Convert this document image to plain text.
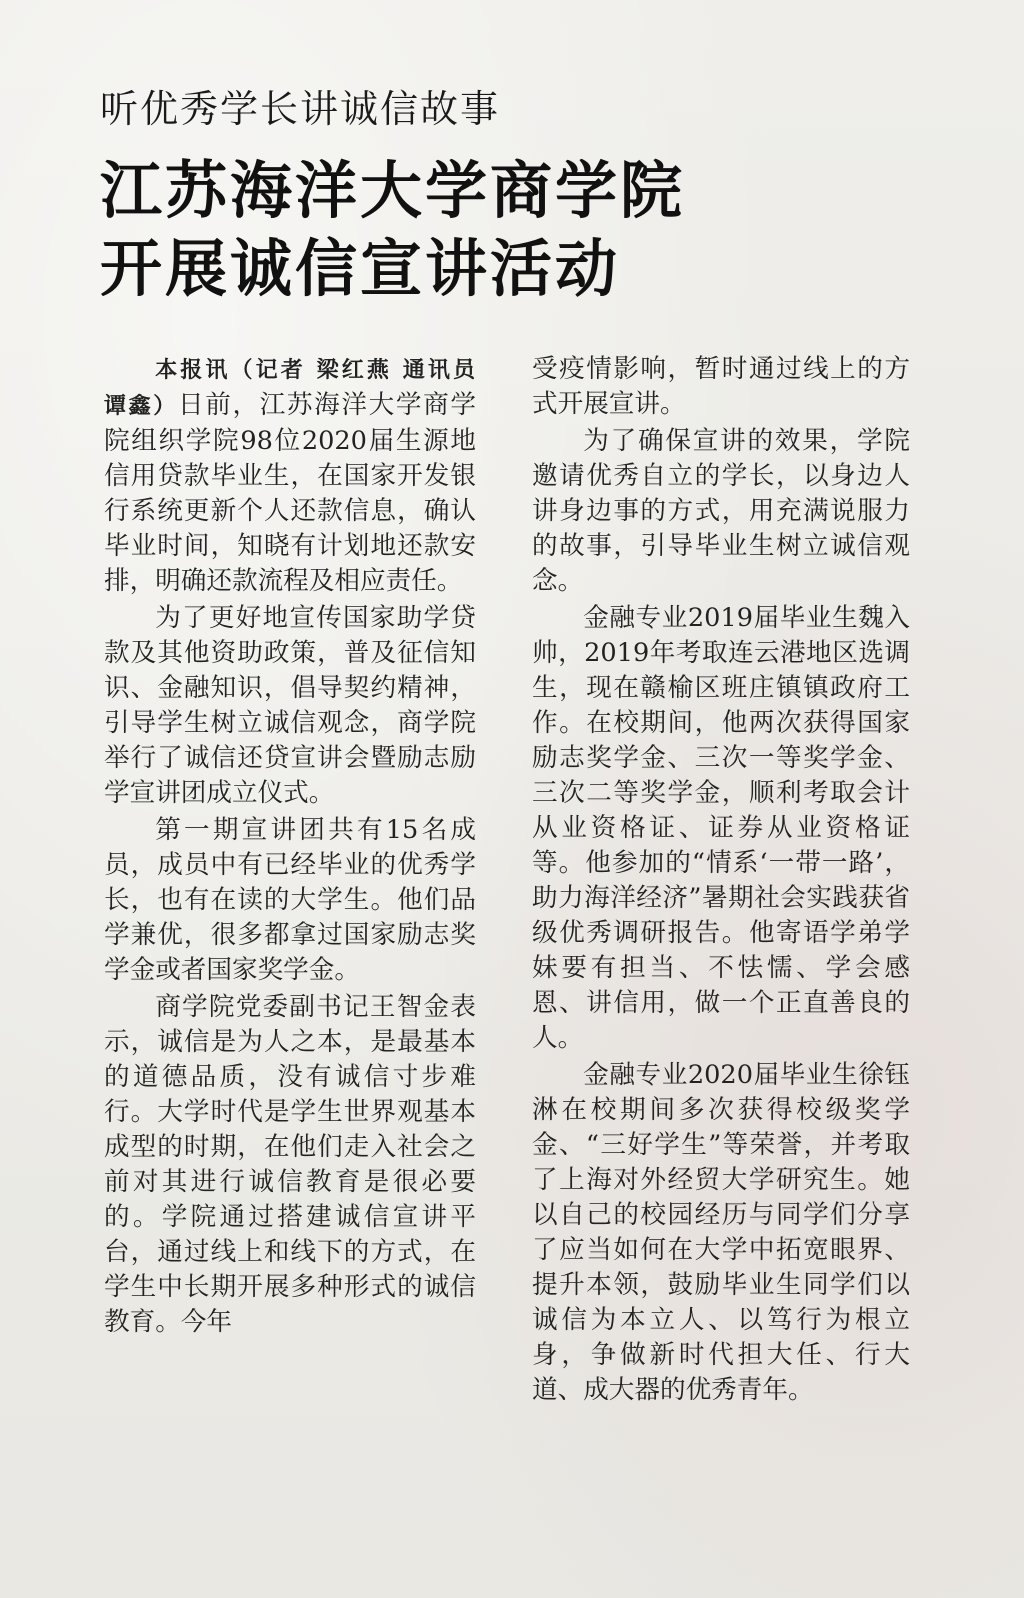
听优秀学长讲诚信故事
江苏海洋大学商学院
开展诚信宣讲活动

本报讯（记者 梁红燕 通讯员 谭鑫）日前，江苏海洋大学商学院组织学院98位2020届生源地信用贷款毕业生，在国家开发银行系统更新个人还款信息，确认毕业时间，知晓有计划地还款安排，明确还款流程及相应责任。

为了更好地宣传国家助学贷款及其他资助政策，普及征信知识、金融知识，倡导契约精神，引导学生树立诚信观念，商学院举行了诚信还贷宣讲会暨励志励学宣讲团成立仪式。

第一期宣讲团共有15名成员，成员中有已经毕业的优秀学长，也有在读的大学生。他们品学兼优，很多都拿过国家励志奖学金或者国家奖学金。

商学院党委副书记王智金表示，诚信是为人之本，是最基本的道德品质，没有诚信寸步难行。大学时代是学生世界观基本成型的时期，在他们走入社会之前对其进行诚信教育是很必要的。学院通过搭建诚信宣讲平台，通过线上和线下的方式，在学生中长期开展多种形式的诚信教育。今年

受疫情影响，暂时通过线上的方式开展宣讲。

为了确保宣讲的效果，学院邀请优秀自立的学长，以身边人讲身边事的方式，用充满说服力的故事，引导毕业生树立诚信观念。

金融专业2019届毕业生魏入帅，2019年考取连云港地区选调生，现在赣榆区班庄镇镇政府工作。在校期间，他两次获得国家励志奖学金、三次一等奖学金、三次二等奖学金，顺利考取会计从业资格证、证券从业资格证等。他参加的“情系‘一带一路’，助力海洋经济”暑期社会实践获省级优秀调研报告。他寄语学弟学妹要有担当、不怯懦、学会感恩、讲信用，做一个正直善良的人。

金融专业2020届毕业生徐钰淋在校期间多次获得校级奖学金、“三好学生”等荣誉，并考取了上海对外经贸大学研究生。她以自己的校园经历与同学们分享了应当如何在大学中拓宽眼界、提升本领，鼓励毕业生同学们以诚信为本立人、以笃行为根立身，争做新时代担大任、行大道、成大器的优秀青年。
